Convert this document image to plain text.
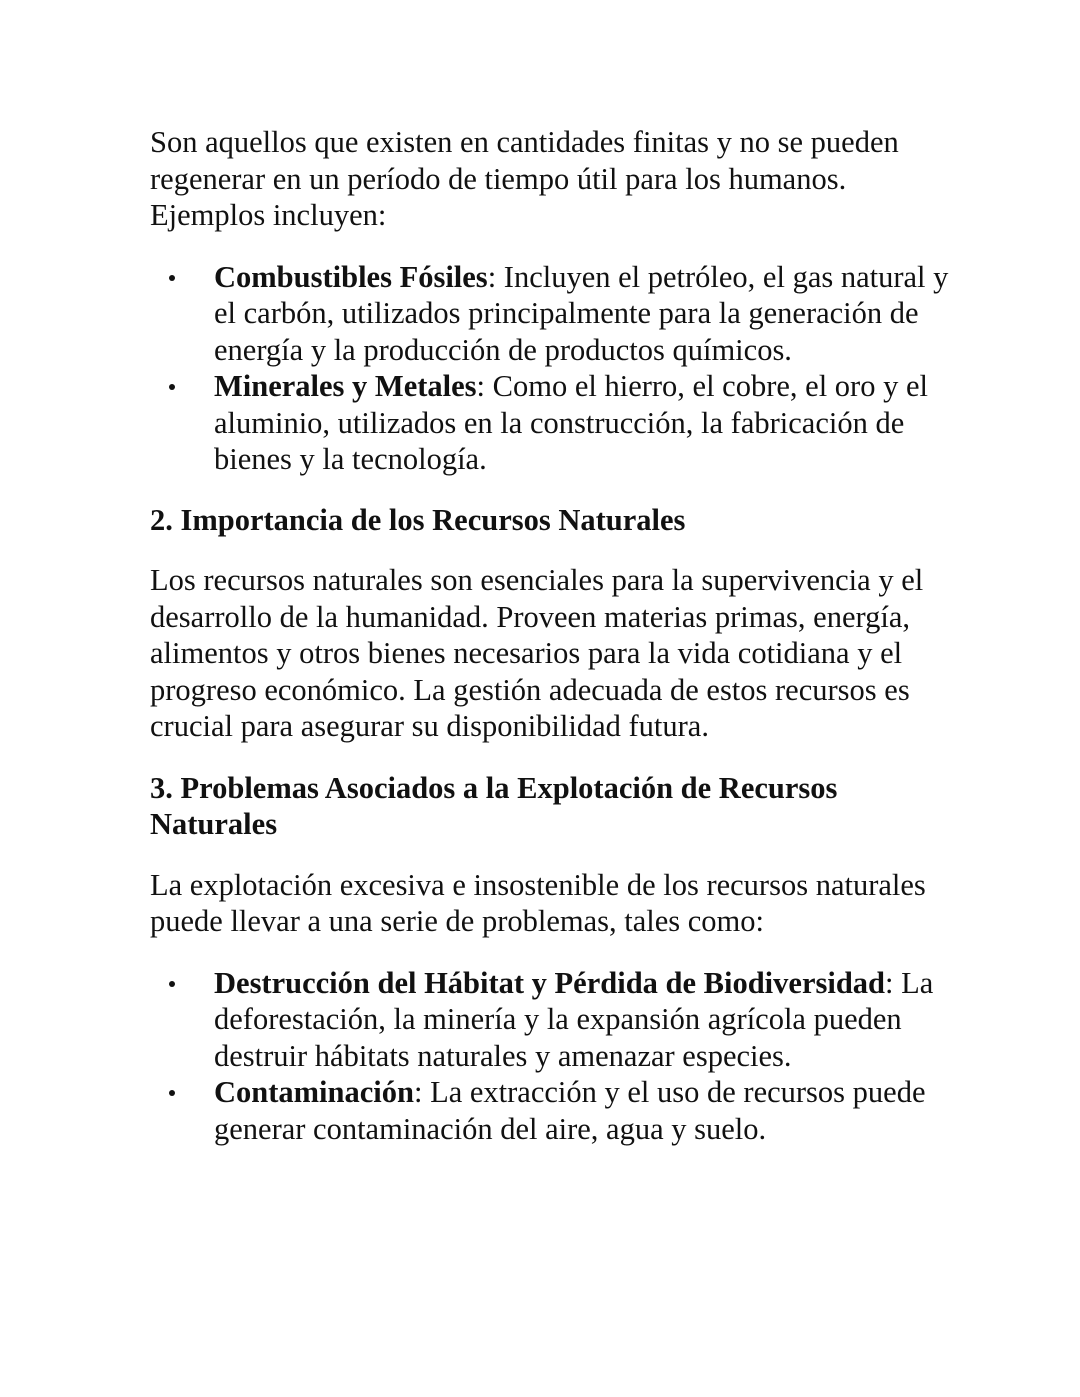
Son aquellos que existen en cantidades finitas y no se pueden regenerar en un período de tiempo útil para los humanos. Ejemplos incluyen:

Combustibles Fósiles: Incluyen el petróleo, el gas natural y el carbón, utilizados principalmente para la generación de energía y la producción de productos químicos.
Minerales y Metales: Como el hierro, el cobre, el oro y el aluminio, utilizados en la construcción, la fabricación de bienes y la tecnología.
2. Importancia de los Recursos Naturales

Los recursos naturales son esenciales para la supervivencia y el desarrollo de la humanidad. Proveen materias primas, energía, alimentos y otros bienes necesarios para la vida cotidiana y el progreso económico. La gestión adecuada de estos recursos es crucial para asegurar su disponibilidad futura.

3. Problemas Asociados a la Explotación de Recursos Naturales

La explotación excesiva e insostenible de los recursos naturales puede llevar a una serie de problemas, tales como:

Destrucción del Hábitat y Pérdida de Biodiversidad: La deforestación, la minería y la expansión agrícola pueden destruir hábitats naturales y amenazar especies.
Contaminación: La extracción y el uso de recursos puede generar contaminación del aire, agua y suelo.
